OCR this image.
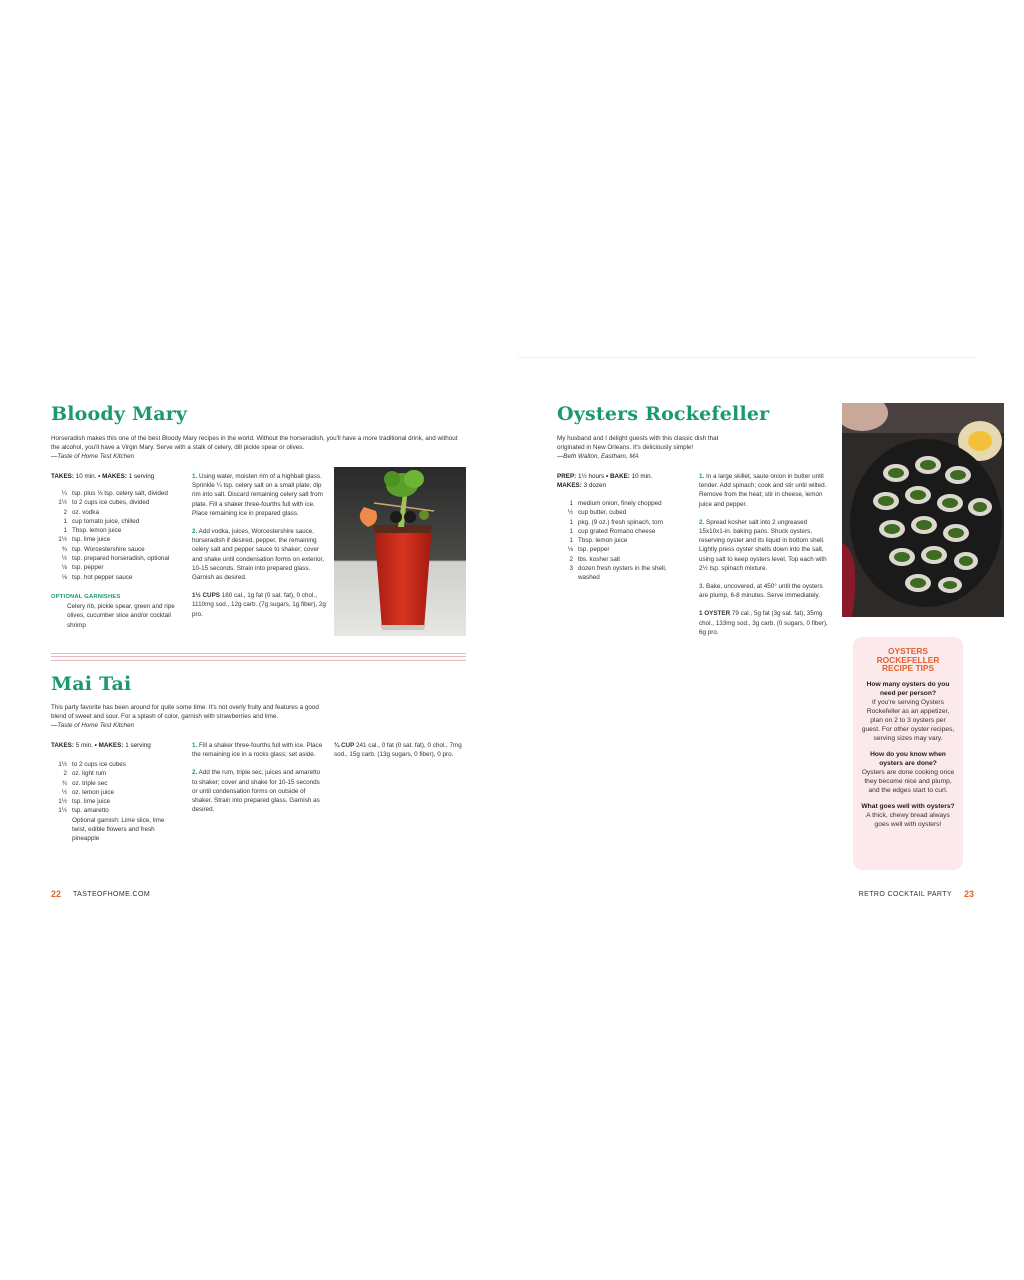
Bloody Mary
Horseradish makes this one of the best Bloody Mary recipes in the world. Without the horseradish, you'll have a more traditional drink, and without the alcohol, you'll have a Virgin Mary. Serve with a stalk of celery, dill pickle spear or olives.
—Taste of Home Test Kitchen
TAKES: 10 min. • MAKES: 1 serving
¼ tsp. plus ⅛ tsp. celery salt, divided
1½ to 2 cups ice cubes, divided
2 oz. vodka
1 cup tomato juice, chilled
1 Tbsp. lemon juice
1½ tsp. lime juice
¾ tsp. Worcestershire sauce
½ tsp. prepared horseradish, optional
⅛ tsp. pepper
⅛ tsp. hot pepper sauce
OPTIONAL GARNISHES
Celery rib, pickle spear, green and ripe olives, cucumber slice and/or cocktail shrimp

1. Using water, moisten rim of a highball glass. Sprinkle ¼ tsp. celery salt on a small plate; dip rim into salt. Discard remaining celery salt from plate. Fill a shaker three-fourths full with ice. Place remaining ice in prepared glass.

2. Add vodka, juices, Worcestershire sauce, horseradish if desired, pepper, the remaining celery salt and pepper sauce to shaker; cover and shake until condensation forms on exterior, 10-15 seconds. Strain into prepared glass. Garnish as desired.

1½ CUPS 180 cal., 1g fat (0 sat. fat), 0 chol., 1110mg sod., 12g carb. (7g sugars, 1g fiber), 2g pro.
Mai Tai
This party favorite has been around for quite some time. It's not overly fruity and features a good blend of sweet and sour. For a splash of color, garnish with strawberries and lime.
—Taste of Home Test Kitchen
TAKES: 5 min. • MAKES: 1 serving
1½ to 2 cups ice cubes
2 oz. light rum
¾ oz. triple sec
½ oz. lemon juice
1½ tsp. lime juice
1½ tsp. amaretto
Optional garnish: Lime slice, lime twist, edible flowers and fresh pineapple

1. Fill a shaker three-fourths full with ice. Place the remaining ice in a rocks glass; set aside.

2. Add the rum, triple sec, juices and amaretto to shaker; cover and shake for 10-15 seconds or until condensation forms on outside of shaker. Strain into prepared glass. Garnish as desired.

¾ CUP 241 cal., 0 fat (0 sat. fat), 0 chol., 7mg sod., 15g carb. (13g sugars, 0 fiber), 0 pro.
22 TASTEOFHOME.COM
Oysters Rockefeller
My husband and I delight guests with this classic dish that originated in New Orleans. It's deliciously simple!
—Beth Walton, Eastham, MA
PREP: 1½ hours • BAKE: 10 min.
MAKES: 3 dozen
1 medium onion, finely chopped
½ cup butter, cubed
1 pkg. (9 oz.) fresh spinach, torn
1 cup grated Romano cheese
1 Tbsp. lemon juice
⅛ tsp. pepper
2 lbs. kosher salt
3 dozen fresh oysters in the shell, washed

1. In a large skillet, saute onion in butter until tender. Add spinach; cook and stir until wilted. Remove from the heat; stir in cheese, lemon juice and pepper.

2. Spread kosher salt into 2 ungreased 15x10x1-in. baking pans. Shuck oysters, reserving oyster and its liquid in bottom shell. Lightly press oyster shells down into the salt, using salt to keep oysters level. Top each with 2½ tsp. spinach mixture.

3. Bake, uncovered, at 450° until the oysters are plump, 6-8 minutes. Serve immediately.

1 OYSTER 79 cal., 5g fat (3g sat. fat), 35mg chol., 133mg sod., 3g carb. (0 sugars, 0 fiber), 6g pro.
OYSTERS ROCKEFELLER RECIPE TIPS
How many oysters do you need per person?
If you're serving Oysters Rockefeller as an appetizer, plan on 2 to 3 oysters per guest. For other oyster recipes, serving sizes may vary.
How do you know when oysters are done?
Oysters are done cooking once they become nice and plump, and the edges start to curl.
What goes well with oysters?
A thick, chewy bread always goes well with oysters!
RETRO COCKTAIL PARTY 23
